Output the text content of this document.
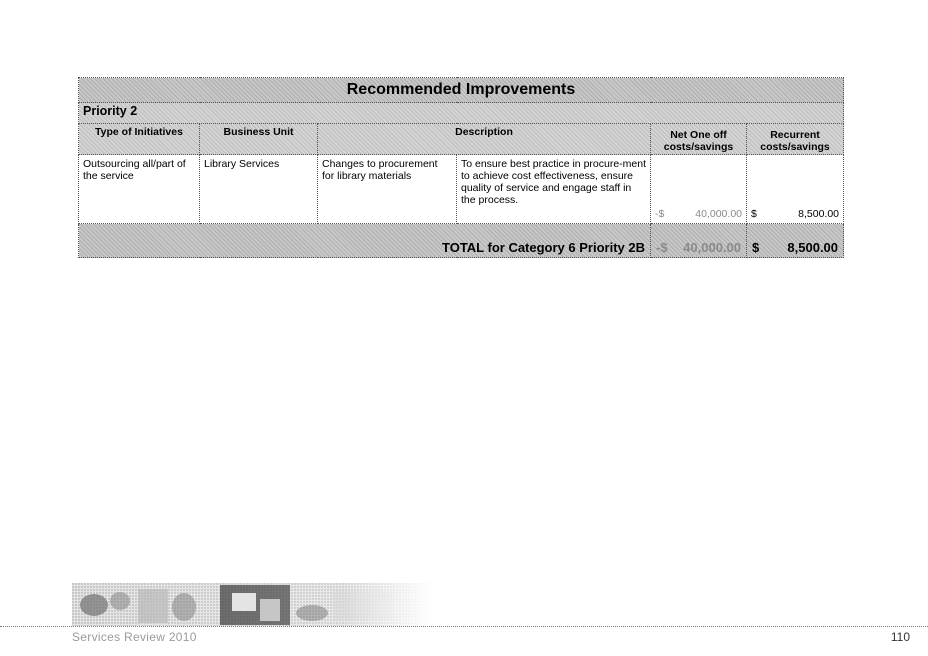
Recommended Improvements					
Priority 2					
Type of Initiatives	Business Unit	Description		Net One off costs/savings	Recurrent costs/savings
Outsourcing all/part of the service	Library Services	Changes to procurement for library materials	To ensure best practice in procure-ment to achieve cost effectiveness, ensure quality of service and engage staff in the process.	-$ 40,000.00	$ 8,500.00

TOTAL for Category 6 Priority 2B				-$ 40,000.00	$ 8,500.00
Services Review 2010	110
